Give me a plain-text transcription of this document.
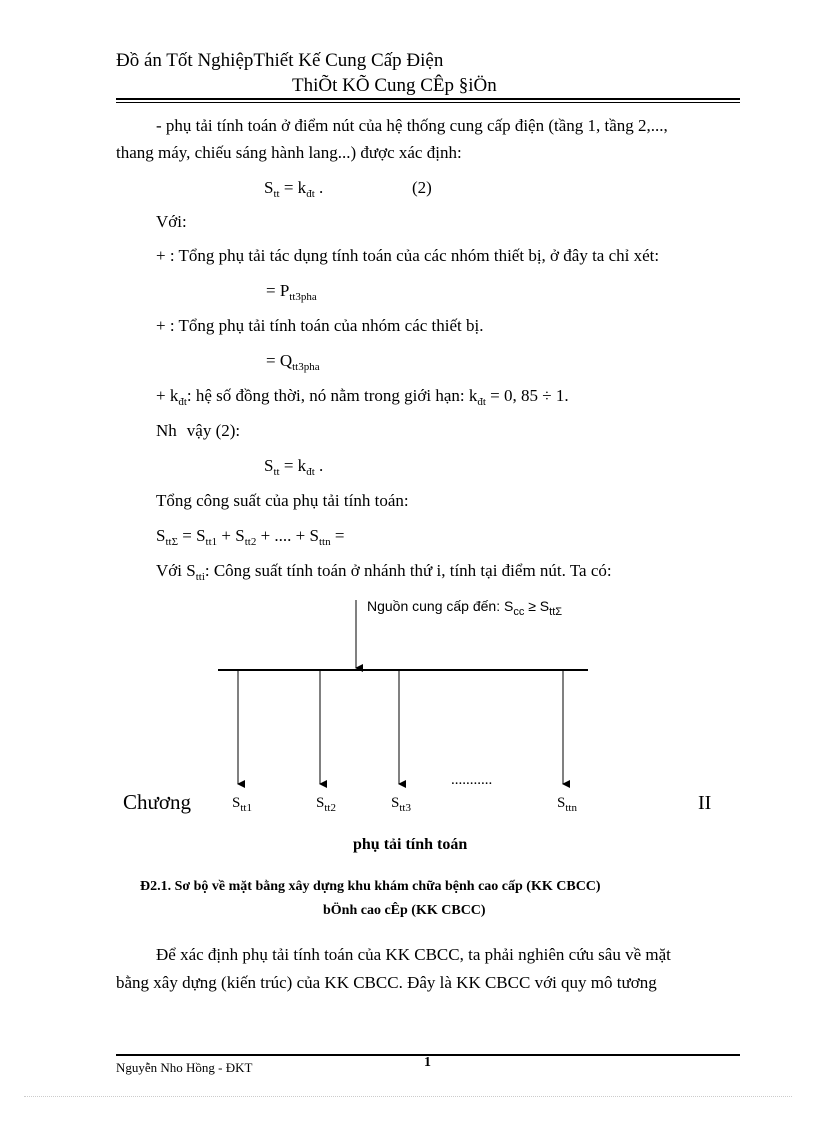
Đồ án Tốt NghiệpThiết Kế Cung Cấp Điện
ThiÕt KÕ Cung CÊp §iÖn
- phụ tải tính toán ở điểm nút của hệ thống cung cấp điện (tầng 1, tầng 2,...,
thang máy, chiếu sáng hành lang...) được xác định:
$S_{tt} = k_{đt}$ .	(2)
Với:
+ : Tổng phụ tải tác dụng tính toán của các nhóm thiết bị, ở đây ta chỉ xét:
= $P_{tt3pha}$
+ : Tổng phụ tải tính toán của nhóm các thiết bị.
= $Q_{tt3pha}$
+ $k_{đt}$: hệ số đồng thời, nó nằm trong giới hạn: $k_{đt} = 0$, 85 ÷ 1.
Nh vậy (2):
$S_{tt} = k_{đt}$ .
Tổng công suất của phụ tải tính toán:
$S_{tt\Sigma} = S_{tt1} + S_{tt2}$ + .... + $S_{ttn}$ =
Với $S_{tti}$: Công suất tính toán ở nhánh thứ i, tính tại điểm nút. Ta có:
Nguồn cung cấp đến: $S_{cc} \ge S_{tt\Sigma}$
Chương	$S_{tt1}$	$S_{tt2}$	$S_{tt3}$
...........
$S_{ttn}$	II
phụ tải tính toán
Đ2.1. Sơ bộ về mặt bằng xây dựng khu khám chữa bệnh cao cấp (KK CBCC)
bÖnh cao cÊp (KK CBCC)
Để xác định phụ tải tính toán của KK CBCC, ta phải nghiên cứu sâu về mặt
bằng xây dựng (kiến trúc) của KK CBCC. Đây là KK CBCC với quy mô tương
Nguyễn Nho Hồng - ĐKT	1
